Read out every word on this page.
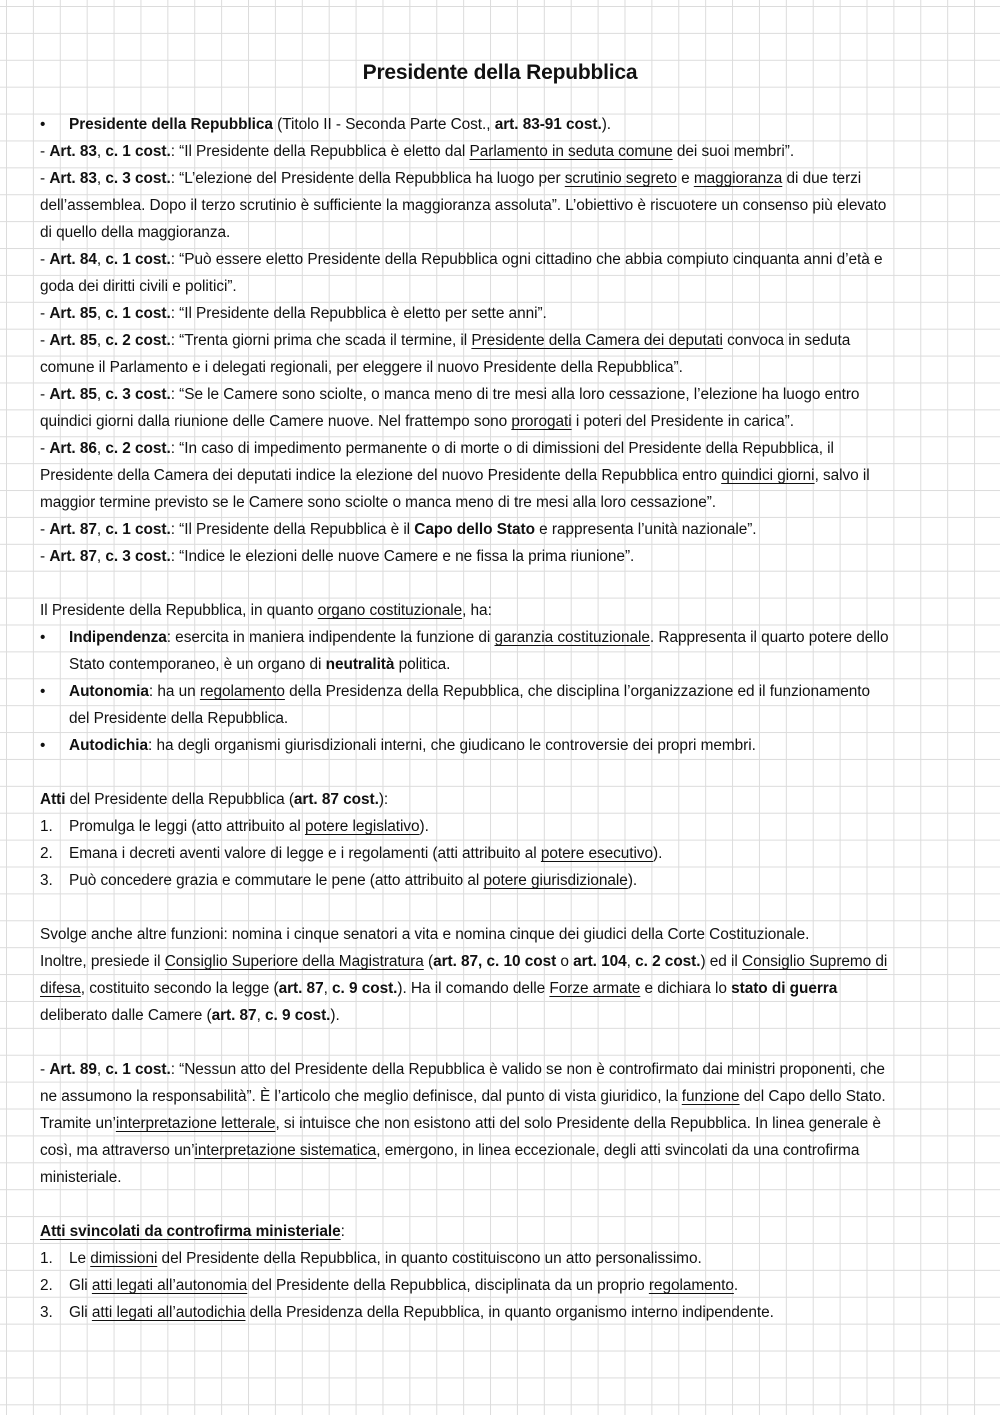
Presidente della Repubblica
•	Presidente della Repubblica (Titolo II - Seconda Parte Cost., art. 83-91 cost.).
- Art. 83, c. 1 cost.: “Il Presidente della Repubblica è eletto dal Parlamento in seduta comune dei suoi membri”.
- Art. 83, c. 3 cost.: “L’elezione del Presidente della Repubblica ha luogo per scrutinio segreto e maggioranza di due terzi
dell’assemblea. Dopo il terzo scrutinio è sufficiente la maggioranza assoluta”. L’obiettivo è riscuotere un consenso più elevato
di quello della maggioranza.
- Art. 84, c. 1 cost.: “Può essere eletto Presidente della Repubblica ogni cittadino che abbia compiuto cinquanta anni d’età e
goda dei diritti civili e politici”.
- Art. 85, c. 1 cost.: “Il Presidente della Repubblica è eletto per sette anni”.
- Art. 85, c. 2 cost.: “Trenta giorni prima che scada il termine, il Presidente della Camera dei deputati convoca in seduta
comune il Parlamento e i delegati regionali, per eleggere il nuovo Presidente della Repubblica”.
- Art. 85, c. 3 cost.: “Se le Camere sono sciolte, o manca meno di tre mesi alla loro cessazione, l’elezione ha luogo entro
quindici giorni dalla riunione delle Camere nuove. Nel frattempo sono prorogati i poteri del Presidente in carica”.
- Art. 86, c. 2 cost.: “In caso di impedimento permanente o di morte o di dimissioni del Presidente della Repubblica, il
Presidente della Camera dei deputati indice la elezione del nuovo Presidente della Repubblica entro quindici giorni, salvo il
maggior termine previsto se le Camere sono sciolte o manca meno di tre mesi alla loro cessazione”.
- Art. 87, c. 1 cost.: “Il Presidente della Repubblica è il Capo dello Stato e rappresenta l’unità nazionale”.
- Art. 87, c. 3 cost.: “Indice le elezioni delle nuove Camere e ne fissa la prima riunione”.
Il Presidente della Repubblica, in quanto organo costituzionale, ha:
•	Indipendenza: esercita in maniera indipendente la funzione di garanzia costituzionale. Rappresenta il quarto potere dello
Stato contemporaneo, è un organo di neutralità politica.
•	Autonomia: ha un regolamento della Presidenza della Repubblica, che disciplina l’organizzazione ed il funzionamento
del Presidente della Repubblica.
•	Autodichia: ha degli organismi giurisdizionali interni, che giudicano le controversie dei propri membri.
Atti del Presidente della Repubblica (art. 87 cost.):
1.	Promulga le leggi (atto attribuito al potere legislativo).
2.	Emana i decreti aventi valore di legge e i regolamenti (atti attribuito al potere esecutivo).
3.	Può concedere grazia e commutare le pene (atto attribuito al potere giurisdizionale).
Svolge anche altre funzioni: nomina i cinque senatori a vita e nomina cinque dei giudici della Corte Costituzionale.
Inoltre, presiede il Consiglio Superiore della Magistratura (art. 87, c. 10 cost o art. 104, c. 2 cost.) ed il Consiglio Supremo di
difesa, costituito secondo la legge (art. 87, c. 9 cost.). Ha il comando delle Forze armate e dichiara lo stato di guerra
deliberato dalle Camere (art. 87, c. 9 cost.).
- Art. 89, c. 1 cost.: “Nessun atto del Presidente della Repubblica è valido se non è controfirmato dai ministri proponenti, che
ne assumono la responsabilità”. È l’articolo che meglio definisce, dal punto di vista giuridico, la funzione del Capo dello Stato.
Tramite un’interpretazione letterale, si intuisce che non esistono atti del solo Presidente della Repubblica. In linea generale è
così, ma attraverso un’interpretazione sistematica, emergono, in linea eccezionale, degli atti svincolati da una controfirma
ministeriale.
Atti svincolati da controfirma ministeriale:
1.	Le dimissioni del Presidente della Repubblica, in quanto costituiscono un atto personalissimo.
2.	Gli atti legati all’autonomia del Presidente della Repubblica, disciplinata da un proprio regolamento.
3.	Gli atti legati all’autodichia della Presidenza della Repubblica, in quanto organismo interno indipendente.
